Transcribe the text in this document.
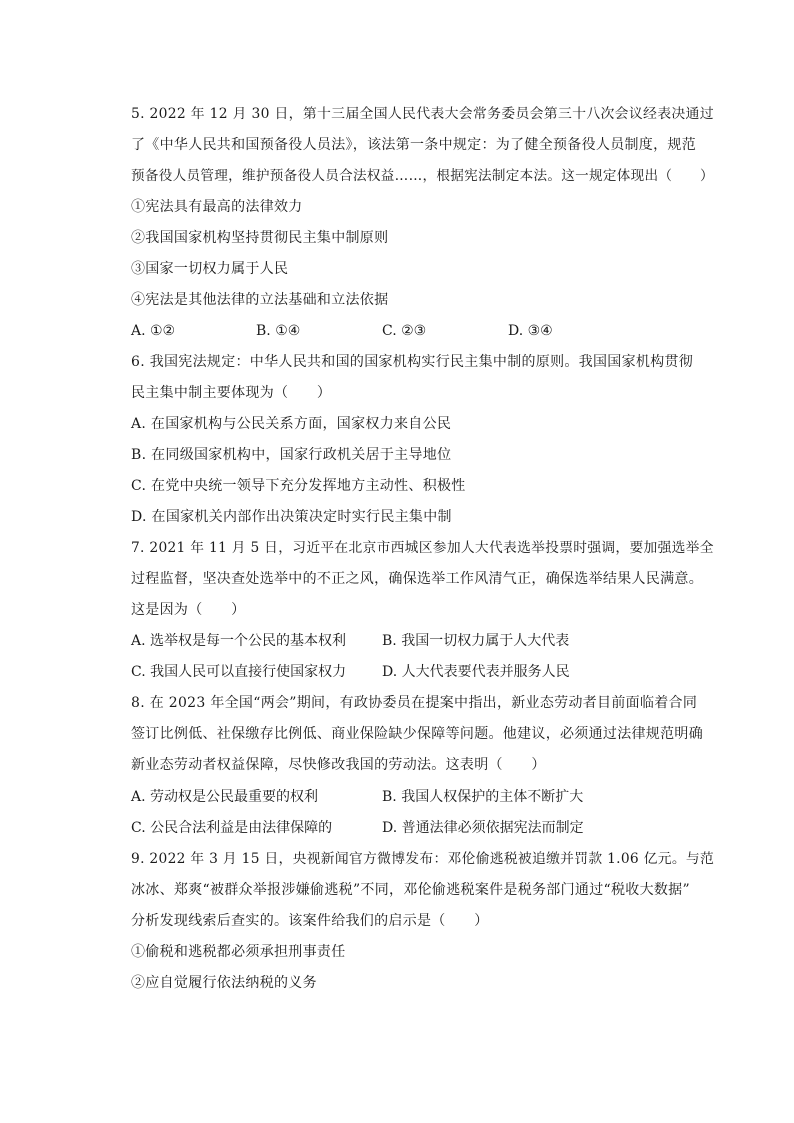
5. 2022 年 12 月 30 日，第十三届全国人民代表大会常务委员会第三十八次会议经表决通过
了《中华人民共和国预备役人员法》，该法第一条中规定：为了健全预备役人员制度，规范
预备役人员管理，维护预备役人员合法权益……，根据宪法制定本法。这一规定体现出（　　）
①宪法具有最高的法律效力
②我国国家机构坚持贯彻民主集中制原则
③国家一切权力属于人民
④宪法是其他法律的立法基础和立法依据
A. ①②	B. ①④	C. ②③	D. ③④
6. 我国宪法规定：中华人民共和国的国家机构实行民主集中制的原则。我国国家机构贯彻
民主集中制主要体现为（　　）
A. 在国家机构与公民关系方面，国家权力来自公民
B. 在同级国家机构中，国家行政机关居于主导地位
C. 在党中央统一领导下充分发挥地方主动性、积极性
D. 在国家机关内部作出决策决定时实行民主集中制
7. 2021 年 11 月 5 日，习近平在北京市西城区参加人大代表选举投票时强调，要加强选举全
过程监督，坚决查处选举中的不正之风，确保选举工作风清气正，确保选举结果人民满意。
这是因为（　　）
A. 选举权是每一个公民的基本权利	B. 我国一切权力属于人大代表
C. 我国人民可以直接行使国家权力	D. 人大代表要代表并服务人民
8. 在 2023 年全国“两会”期间，有政协委员在提案中指出，新业态劳动者目前面临着合同
签订比例低、社保缴存比例低、商业保险缺少保障等问题。他建议，必须通过法律规范明确
新业态劳动者权益保障，尽快修改我国的劳动法。这表明（　　）
A. 劳动权是公民最重要的权利	B. 我国人权保护的主体不断扩大
C. 公民合法利益是由法律保障的	D. 普通法律必须依据宪法而制定
9. 2022 年 3 月 15 日，央视新闻官方微博发布：邓伦偷逃税被追缴并罚款 1.06 亿元。与范
冰冰、郑爽“被群众举报涉嫌偷逃税”不同，邓伦偷逃税案件是税务部门通过“税收大数据”
分析发现线索后查实的。该案件给我们的启示是（　　）
①偷税和逃税都必须承担刑事责任
②应自觉履行依法纳税的义务
